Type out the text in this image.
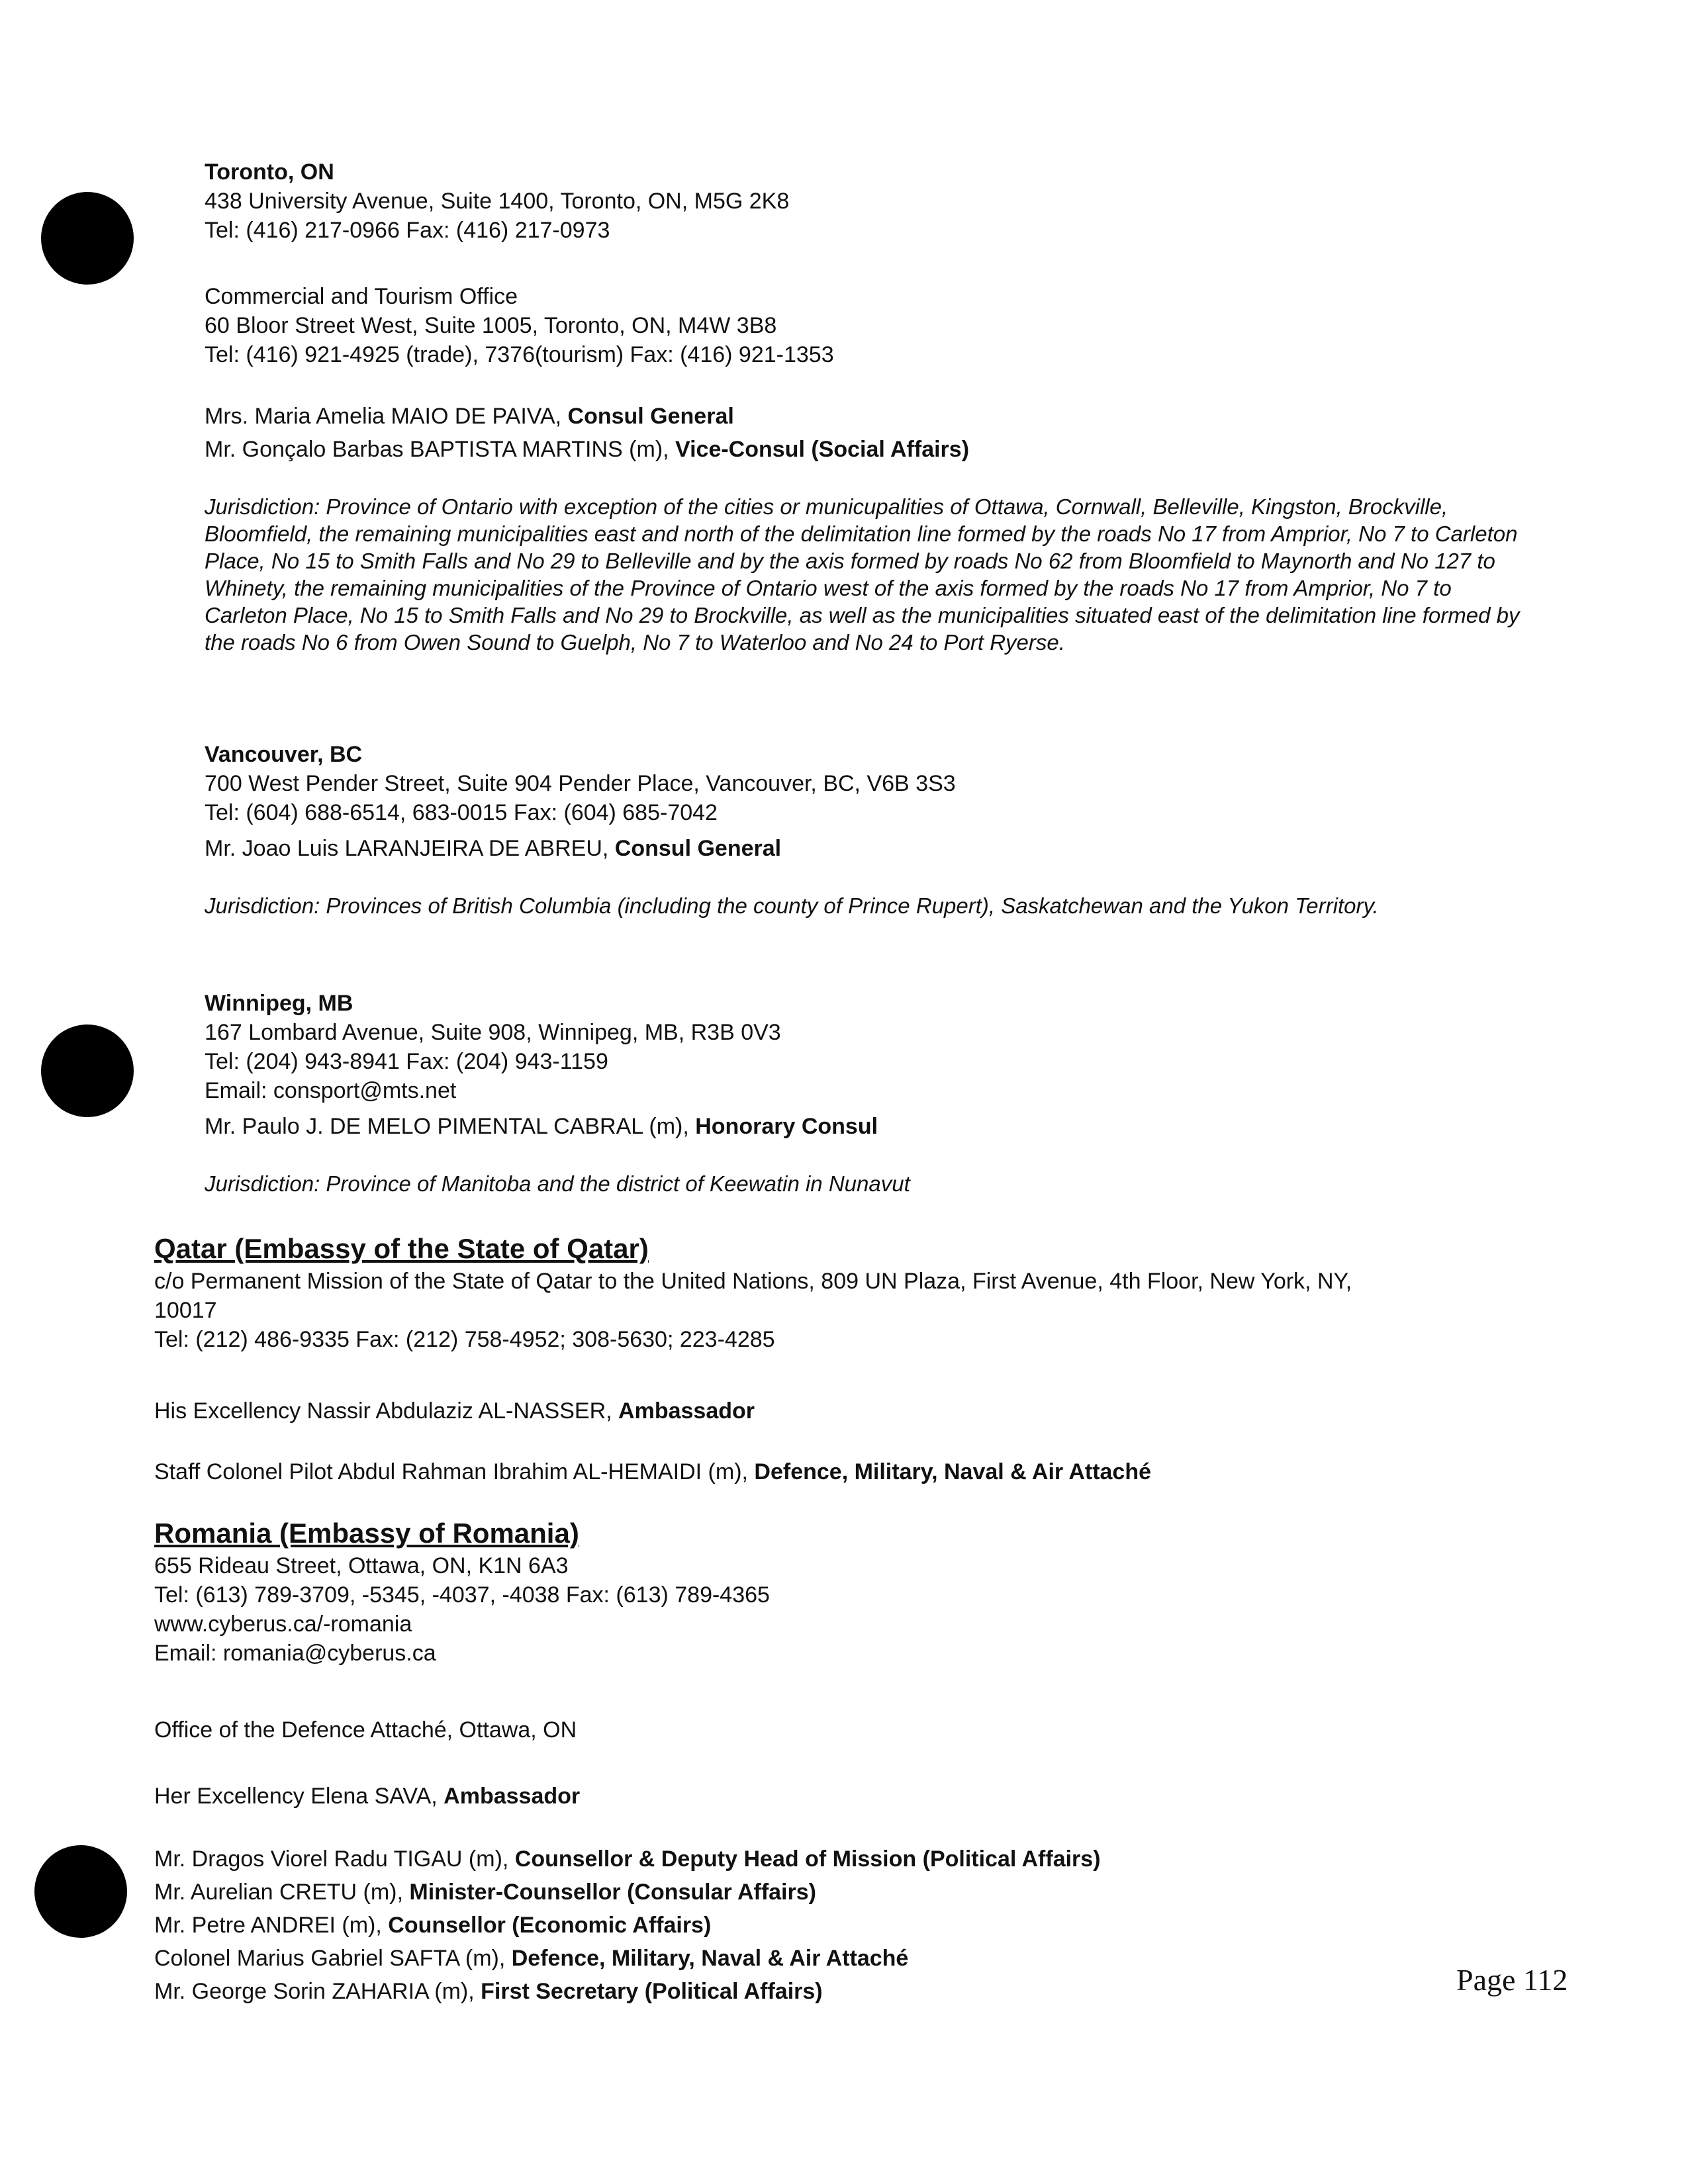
Toronto, ON
438 University Avenue, Suite 1400, Toronto, ON, M5G 2K8
Tel: (416) 217-0966 Fax: (416) 217-0973
Commercial and Tourism Office
60 Bloor Street West, Suite 1005, Toronto, ON, M4W 3B8
Tel: (416) 921-4925 (trade), 7376(tourism) Fax: (416) 921-1353
Mrs. Maria Amelia MAIO DE PAIVA, Consul General
Mr. Gonçalo Barbas BAPTISTA MARTINS (m), Vice-Consul (Social Affairs)
Jurisdiction: Province of Ontario with exception of the cities or municupalities of Ottawa, Cornwall, Belleville, Kingston, Brockville, Bloomfield, the remaining municipalities east and north of the delimitation line formed by the roads No 17 from Amprior, No 7 to Carleton Place, No 15 to Smith Falls and No 29 to Belleville and by the axis formed by roads No 62 from Bloomfield to Maynorth and No 127 to Whinety, the remaining municipalities of the Province of Ontario west of the axis formed by the roads No 17 from Amprior, No 7 to Carleton Place, No 15 to Smith Falls and No 29 to Brockville, as well as the municipalities situated east of the delimitation line formed by the roads No 6 from Owen Sound to Guelph, No 7 to Waterloo and No 24 to Port Ryerse.
Vancouver, BC
700 West Pender Street, Suite 904 Pender Place, Vancouver, BC, V6B 3S3
Tel: (604) 688-6514, 683-0015 Fax: (604) 685-7042
Mr. Joao Luis LARANJEIRA DE ABREU, Consul General
Jurisdiction: Provinces of British Columbia (including the county of Prince Rupert), Saskatchewan and the Yukon Territory.
Winnipeg, MB
167 Lombard Avenue, Suite 908, Winnipeg, MB, R3B 0V3
Tel: (204) 943-8941 Fax: (204) 943-1159
Email: consport@mts.net
Mr. Paulo J. DE MELO PIMENTAL CABRAL (m), Honorary Consul
Jurisdiction: Province of Manitoba and the district of Keewatin in Nunavut
Qatar (Embassy of the State of Qatar)
c/o Permanent Mission of the State of Qatar to the United Nations, 809 UN Plaza, First Avenue, 4th Floor, New York, NY,
10017
Tel: (212) 486-9335 Fax: (212) 758-4952; 308-5630; 223-4285
His Excellency Nassir Abdulaziz AL-NASSER, Ambassador
Staff Colonel Pilot Abdul Rahman Ibrahim AL-HEMAIDI (m), Defence, Military, Naval & Air Attaché
Romania (Embassy of Romania)
655 Rideau Street, Ottawa, ON, K1N 6A3
Tel: (613) 789-3709, -5345, -4037, -4038 Fax: (613) 789-4365
www.cyberus.ca/-romania
Email: romania@cyberus.ca
Office of the Defence Attaché, Ottawa, ON
Her Excellency Elena SAVA, Ambassador
Mr. Dragos Viorel Radu TIGAU (m), Counsellor & Deputy Head of Mission (Political Affairs)
Mr. Aurelian CRETU (m), Minister-Counsellor (Consular Affairs)
Mr. Petre ANDREI (m), Counsellor (Economic Affairs)
Colonel Marius Gabriel SAFTA (m), Defence, Military, Naval & Air Attaché
Mr. George Sorin ZAHARIA (m), First Secretary (Political Affairs)	Page 112
